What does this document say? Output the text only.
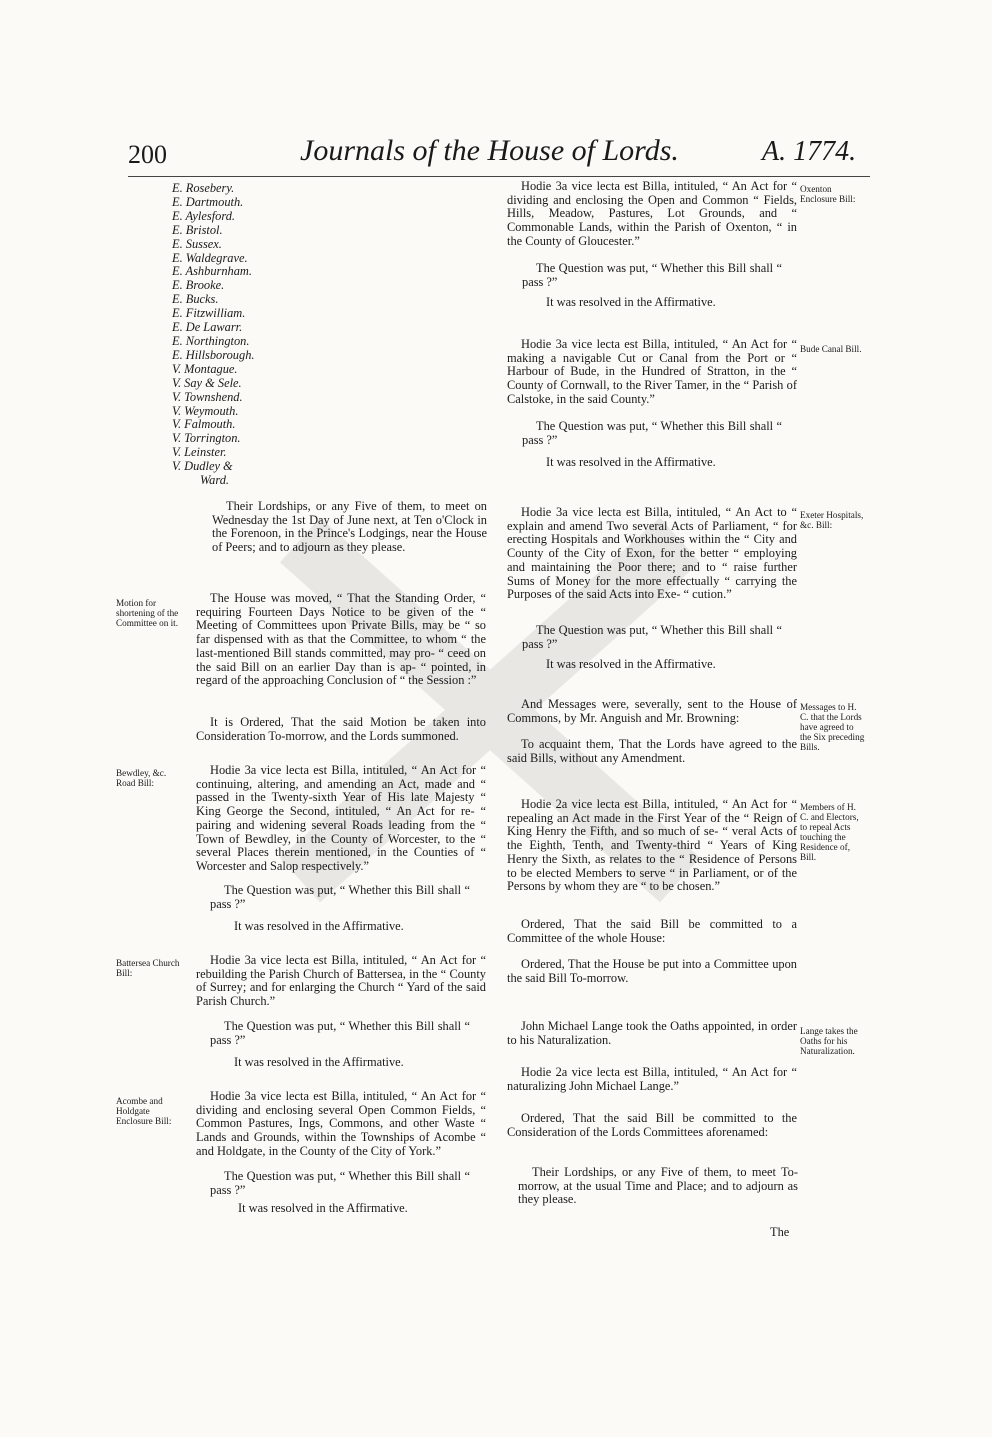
200	Journals of the House of Lords.	A. 1774.
E. Rosebery.
E. Dartmouth.
E. Aylesford.
E. Bristol.
E. Sussex.
E. Waldegrave.
E. Ashburnham.
E. Brooke.
E. Bucks.
E. Fitzwilliam.
E. De Lawarr.
E. Northington.
E. Hillsborough.
V. Montague.
V. Say & Sele.
V. Townshend.
V. Weymouth.
V. Falmouth.
V. Torrington.
V. Leinster.
V. Dudley &
Ward.
Their Lordships, or any Five of them, to meet on Wednesday the 1st Day of June next, at Ten o'Clock in the Forenoon, in the Prince's Lodgings, near the House of Peers; and to adjourn as they please.
Motion for shortening of the Committee on it.
The House was moved, “ That the Standing Order, “ requiring Fourteen Days Notice to be given of the “ Meeting of Committees upon Private Bills, may be “ so far dispensed with as that the Committee, to whom “ the last-mentioned Bill stands committed, may pro- “ ceed on the said Bill on an earlier Day than is ap- “ pointed, in regard of the approaching Conclusion of “ the Session :”
It is Ordered, That the said Motion be taken into Consideration To-morrow, and the Lords summoned.
Bewdley, &c. Road Bill:
Hodie 3a vice lecta est Billa, intituled, “ An Act for “ continuing, altering, and amending an Act, made and “ passed in the Twenty-sixth Year of His late Majesty “ King George the Second, intituled, “ An Act for re- “ pairing and widening several Roads leading from the “ Town of Bewdley, in the County of Worcester, to the “ several Places therein mentioned, in the Counties of “ Worcester and Salop respectively.”
The Question was put, “ Whether this Bill shall “ pass ?”
It was resolved in the Affirmative.
Battersea Church Bill:
Hodie 3a vice lecta est Billa, intituled, “ An Act for “ rebuilding the Parish Church of Battersea, in the “ County of Surrey; and for enlarging the Church “ Yard of the said Parish Church.”
The Question was put, “ Whether this Bill shall “ pass ?”
It was resolved in the Affirmative.
Acombe and Holdgate Enclosure Bill:
Hodie 3a vice lecta est Billa, intituled, “ An Act for “ dividing and enclosing several Open Common Fields, “ Common Pastures, Ings, Commons, and other Waste “ Lands and Grounds, within the Townships of Acombe “ and Holdgate, in the County of the City of York.”
The Question was put, “ Whether this Bill shall “ pass ?”
It was resolved in the Affirmative.
Oxenton Enclosure Bill:
Hodie 3a vice lecta est Billa, intituled, “ An Act for “ dividing and enclosing the Open and Common “ Fields, Hills, Meadow, Pastures, Lot Grounds, and “ Commonable Lands, within the Parish of Oxenton, “ in the County of Gloucester.”
The Question was put, “ Whether this Bill shall “ pass ?”
It was resolved in the Affirmative.
Bude Canal Bill.
Hodie 3a vice lecta est Billa, intituled, “ An Act for “ making a navigable Cut or Canal from the Port or “ Harbour of Bude, in the Hundred of Stratton, in the “ County of Cornwall, to the River Tamer, in the “ Parish of Calstoke, in the said County.”
The Question was put, “ Whether this Bill shall “ pass ?”
It was resolved in the Affirmative.
Exeter Hospitals, &c. Bill:
Hodie 3a vice lecta est Billa, intituled, “ An Act to “ explain and amend Two several Acts of Parliament, “ for erecting Hospitals and Workhouses within the “ City and County of the City of Exon, for the better “ employing and maintaining the Poor there; and to “ raise further Sums of Money for the more effectually “ carrying the Purposes of the said Acts into Exe- “ cution.”
The Question was put, “ Whether this Bill shall “ pass ?”
It was resolved in the Affirmative.
Messages to H. C. that the Lords have agreed to the Six preceding Bills.
And Messages were, severally, sent to the House of Commons, by Mr. Anguish and Mr. Browning:
To acquaint them, That the Lords have agreed to the said Bills, without any Amendment.
Members of H. C. and Electors, to repeal Acts touching the Residence of, Bill.
Hodie 2a vice lecta est Billa, intituled, “ An Act for “ repealing an Act made in the First Year of the “ Reign of King Henry the Fifth, and so much of se- “ veral Acts of the Eighth, Tenth, and Twenty-third “ Years of King Henry the Sixth, as relates to the “ Residence of Persons to be elected Members to serve “ in Parliament, or of the Persons by whom they are “ to be chosen.”
Ordered, That the said Bill be committed to a Committee of the whole House:
Ordered, That the House be put into a Committee upon the said Bill To-morrow.
Lange takes the Oaths for his Naturalization.
John Michael Lange took the Oaths appointed, in order to his Naturalization.
Hodie 2a vice lecta est Billa, intituled, “ An Act for “ naturalizing John Michael Lange.”
Ordered, That the said Bill be committed to the Consideration of the Lords Committees aforenamed:
Their Lordships, or any Five of them, to meet To-morrow, at the usual Time and Place; and to adjourn as they please.
The
